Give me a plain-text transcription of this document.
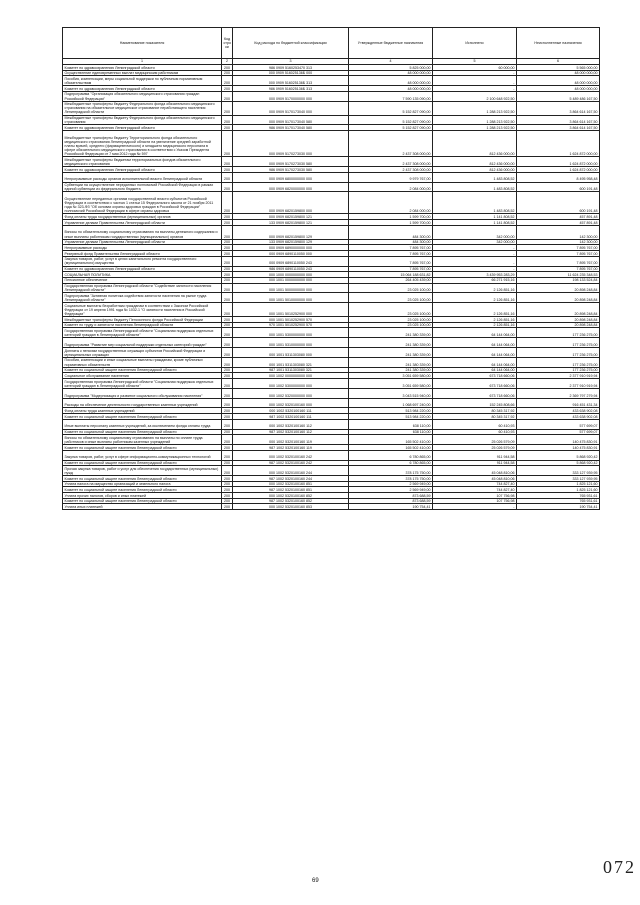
Наименование показателя	Код стро ки	Код расхода по бюджетной классификации	Утвержденные бюджетные назначения	Исполнено	Неисполненные назначения
1	2	3	4	5	6
Комитет по здравоохранению Ленинградской области	200	986 0909 5160253470 313	5 825 000,00	60 000,00	5 565 000,00
Осуществление единовременных выплат медицинским работникам	200	000 0909 516025136Б 000	48 000 000,00	-	48 000 000,00
Пособия, компенсации, меры социальной поддержки по публичным нормативным обязательствам	200	000 0909 516025136Б 313	48 000 000,00	-	48 000 000,00
Комитет по здравоохранению Ленинградской области	200	986 0909 516025136Б 313	48 000 000,00	-	48 000 000,00
Подпрограмма "Организация обязательного медицинского страхования граждан Российской Федерации"	200	000 0909 5170000000 000	7 590 135 090,00	2 100 648 922,50	5 489 486 167,50
Межбюджетные трансферты бюджету Федерального фонда обязательного медицинского страхования на обязательное медицинское страхование неработающего населения Ленинградской области	200	000 0909 5170173040 000	5 152 827 090,00	1 288 213 922,50	3 864 614 167,50
Межбюджетные трансферты бюджету Федерального фонда обязательного медицинского страхования	200	000 0909 5170173040 580	5 152 827 090,00	1 288 213 922,50	3 864 614 167,50
Комитет по здравоохранению Ленинградской области	200	986 0909 5170173040 580	5 152 827 090,00	1 288 213 922,50	3 864 614 167,50
Межбюджетные трансферты бюджету Территориального фонда обязательного медицинского страхования Ленинградской области на увеличение средней заработной платы врачей, среднего (фармацевтического) и младшего медицинского персонала в сфере обязательного медицинского страхования в соответствии с Указом Президента Российской Федерации от 7 мая 2012 года № 597	200	000 0909 5170273030 000	2 437 308 000,00	812 436 000,00	1 624 872 000,00
Межбюджетные трансферты бюджетам территориальных фондов обязательного медицинского страхования	200	000 0909 5170273030 580	2 437 308 000,00	812 436 000,00	1 624 872 000,00
Комитет по здравоохранению Ленинградской области	200	986 0909 5170273030 580	2 437 308 000,00	812 436 000,00	1 624 872 000,00
Непрограммные расходы органов исполнительной власти Ленинградской области	200	000 0909 6800000000 000	9 979 767,00	1 483 808,52	8 495 958,48
Субвенции на осуществление переданных полномочий Российской Федерации в рамках единой субвенции из федерального бюджета	200	000 0909 6820000000 000	2 084 000,00	1 483 808,52	600 191,48
Осуществление переданных органам государственной власти субъектов Российской Федерации в соответствии с частью 1 статьи 15 Федерального закона от 21 ноября 2011 года № 323-ФЗ "Об основах охраны здоровья граждан в Российской Федерации" полномочий Российской Федерации в сфере охраны здоровья	200	000 0909 6820159800 000	2 084 000,00	1 483 808,52	600 191,48
Фонд оплаты труда государственных (муниципальных) органов	200	000 0909 6820159800 121	1 599 700,00	1 141 808,52	457 891,48
Управление делами Правительства Ленинградской области	200	133 0909 6820159800 121	1 599 700,00	1 141 808,52	457 891,48
Взносы по обязательному социальному страхованию на выплаты денежного содержания и иные выплаты работникам государственных (муниципальных) органов	200	000 0909 6820159800 129	484 300,00	342 000,00	142 300,00
Управление делами Правительства Ленинградской области	200	133 0909 6820159800 129	484 300,00	342 000,00	142 300,00
Непрограммные расходы	200	000 0909 6890000000 000	7 895 767,00	-	7 895 767,00
Резервный фонд Правительства Ленинградской области	200	000 0909 6890110050 000	7 895 767,00	-	7 895 767,00
Закупка товаров, работ, услуг в целях капитального ремонта государственного (муниципального) имущества	200	000 0909 6890110050 243	7 895 767,00	-	7 895 767,00
Комитет по здравоохранению Ленинградской области	200	986 0909 6890110050 243	7 895 767,00	-	7 895 767,00
СОЦИАЛЬНАЯ ПОЛИТИКА	200	000 1000 0000000000 000	15 064 188 631,82	3 439 953 283,29	11 624 235 348,53
Пенсионное обеспечение	200	000 1001 0000000000 000	264 405 439,00	66 271 915,16	198 133 524,84
Государственная программа Ленинградской области "Содействие занятости населения Ленинградской области"	200	000 1001 5000000000 000	23 025 100,00	2 126 851,16	20 898 248,84
Подпрограмма "Активная политика содействия занятости населения на рынке труда Ленинградской области"	200	000 1001 5010000000 000	23 025 100,00	2 126 851,16	20 898 248,84
Социальные выплаты безработным гражданам в соответствии с Законом Российской Федерации от 19 апреля 1991 года № 1032-1 "О занятости населения в Российской Федерации"	200	000 1001 5010252900 000	23 025 100,00	2 126 851,16	20 898 248,84
Межбюджетные трансферты бюджету Пенсионного фонда Российской Федерации	200	000 1001 5010252900 570	23 025 100,00	2 126 851,16	20 898 248,84
Комитет по труду и занятости населения Ленинградской области	200	970 1001 5010252900 570	23 025 100,00	2 126 851,16	20 898 248,84
Государственная программа Ленинградской области "Социальная поддержка отдельных категорий граждан в Ленинградской области"	200	000 1001 5300000000 000	241 380 339,00	64 144 064,00	177 236 275,00
Подпрограмма "Развитие мер социальной поддержки отдельных категорий граждан"	200	000 1001 5310000000 000	241 380 339,00	64 144 064,00	177 236 275,00
Доплаты к пенсиям государственных служащих субъектов Российской Федерации и муниципальных служащих	200	000 1001 5311303080 000	241 380 339,00	64 144 064,00	177 236 275,00
Пособия, компенсации и иные социальные выплаты гражданам, кроме публичных нормативных обязательств	200	000 1001 5311303080 321	241 380 339,00	64 144 064,00	177 236 275,00
Комитет по социальной защите населения Ленинградской области	200	987 1001 5311303080 321	241 380 339,00	64 144 064,00	177 236 275,00
Социальное обслуживание населения	200	000 1002 0000000000 000	3 051 659 580,00	673 718 660,06	2 377 910 919,94
Государственная программа Ленинградской области "Социальная поддержка отдельных категорий граждан в Ленинградской области"	200	000 1002 5300000000 000	3 051 659 580,00	673 718 660,06	2 377 910 919,94
Подпрограмма "Модернизация и развитие социального обслуживания населения"	200	000 1002 5320000000 000	3 043 515 940,00	673 718 660,06	2 369 797 279,94
Расходы на обеспечение деятельности государственных казенных учреждений	200	000 1002 5320100160 000	1 068 697 240,00	152 245 808,66	916 451 431,34
Фонд оплаты труда казенных учреждений	200	000 1002 5320100160 111	513 984 220,00	80 345 317,92	433 638 902,08
Комитет по социальной защите населения Ленинградской области	200	987 1002 5320100160 111	513 984 220,00	80 345 317,92	433 638 902,08
Иные выплаты персоналу казенных учреждений, за исключением фонда оплаты труда	200	000 1002 5320100160 112	638 110,00	60 410,93	577 699,07
Комитет по социальной защите населения Ленинградской области	200	987 1002 5320100160 112	638 110,00	60 410,93	577 699,07
Взносы по обязательному социальному страхованию на выплаты по оплате труда работников и иные выплаты работникам казенных учреждений	200	000 1002 5320100160 119	165 502 410,00	25 026 579,09	140 475 830,91
Комитет по социальной защите населения Ленинградской области	200	987 1002 5320100160 119	165 502 410,00	25 026 579,09	140 475 830,91
Закупка товаров, работ, услуг в сфере информационно-коммуникационных технологий	200	000 1002 5320100160 242	6 780 865,00	911 944,58	5 868 920,42
Комитет по социальной защите населения Ленинградской области	200	987 1002 5320100160 242	6 780 865,00	911 944,58	5 868 920,42
Прочая закупка товаров, работ и услуг для обеспечения государственных (муниципальных) нужд	200	000 1002 5320100160 244	378 175 750,00	45 048 810,06	333 127 939,95
Комитет по социальной защите населения Ленинградской области	200	987 1002 5320100160 244	378 175 750,00	45 048 810,06	333 127 939,95
Уплата налога на имущество организаций и земельного налога	200	000 1002 5320100160 851	2 569 949,00	744 827,40	1 825 121,60
Комитет по социальной защите населения Ленинградской области	200	987 1002 5320100160 851	2 569 949,00	744 827,40	1 825 121,60
Уплата прочих налогов, сборов и иных платежей	200	000 1002 5320100160 852	873 688,59	107 756,98	765 931,61
Комитет по социальной защите населения Ленинградской области	200	987 1002 5320100160 852	873 688,59	107 756,98	765 931,61
Уплата иных платежей	200	000 1002 5320100160 853	190 754,41	-	190 754,41
69
072
